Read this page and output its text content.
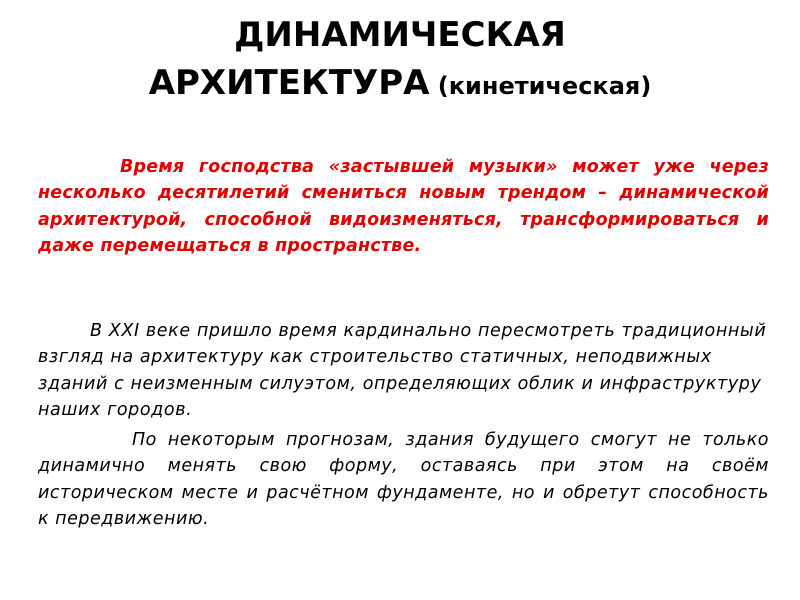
ДИНАМИЧЕСКАЯ
АРХИТЕКТУРА (кинетическая)

Время господства «застывшей музыки» может уже через несколько десятилетий смениться новым трендом – динамической архитектурой, способной видоизменяться, трансформироваться и даже перемещаться в пространстве.

В XXI веке пришло время кардинально пересмотреть традиционный взгляд на архитектуру как строительство статичных, неподвижных зданий с неизменным силуэтом, определяющих облик и инфраструктуру наших городов.

По некоторым прогнозам, здания будущего смогут не только динамично менять свою форму, оставаясь при этом на своём историческом месте и расчётном фундаменте, но и обретут способность к передвижению.
